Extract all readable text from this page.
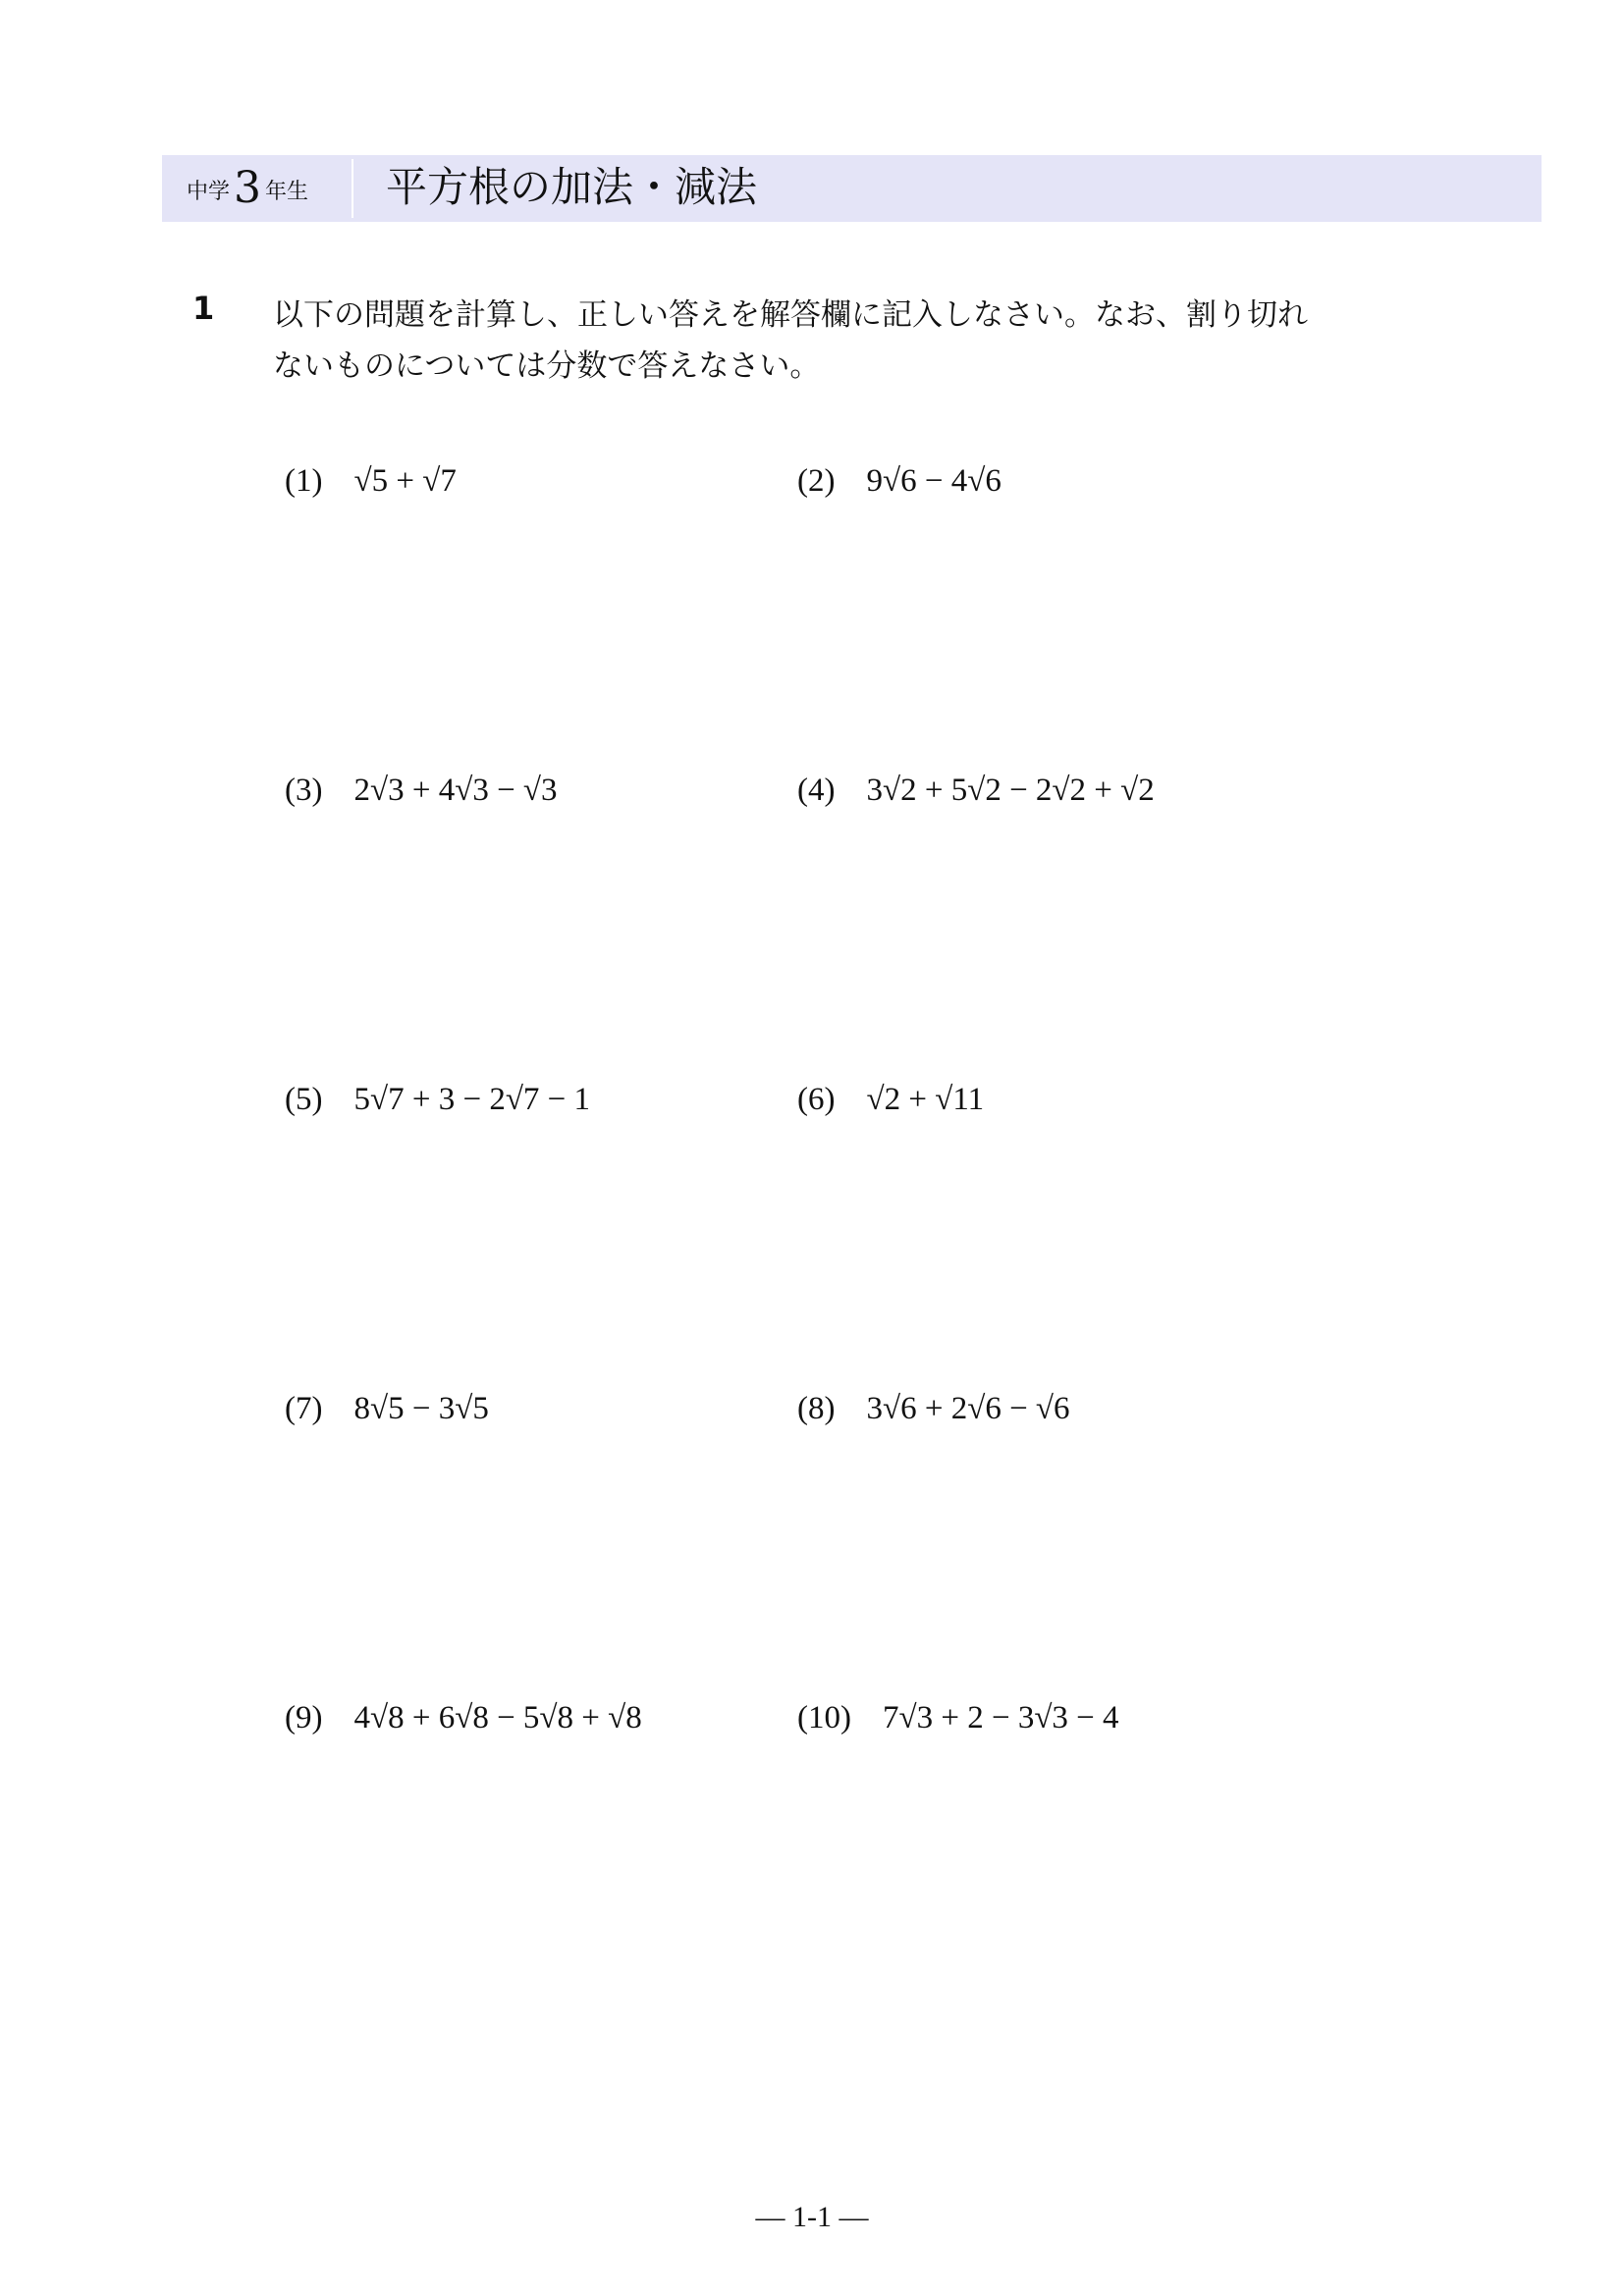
中学3 年生 平方根の加法・減法
1 以下の問題を計算し、正しい答えを解答欄に記入しなさい。なお、割り切れ
ないものについては分数で答えなさい。
(1) √5 + √7	(2) 9√6 − 4√6
(3) 2√3 + 4√3 − √3	(4) 3√2 + 5√2 − 2√2 + √2
(5) 5√7 + 3 − 2√7 − 1	(6) √2 + √11
(7) 8√5 − 3√5	(8) 3√6 + 2√6 − √6
(9) 4√8 + 6√8 − 5√8 + √8	(10) 7√3 + 2 − 3√3 − 4
— 1-1 —
